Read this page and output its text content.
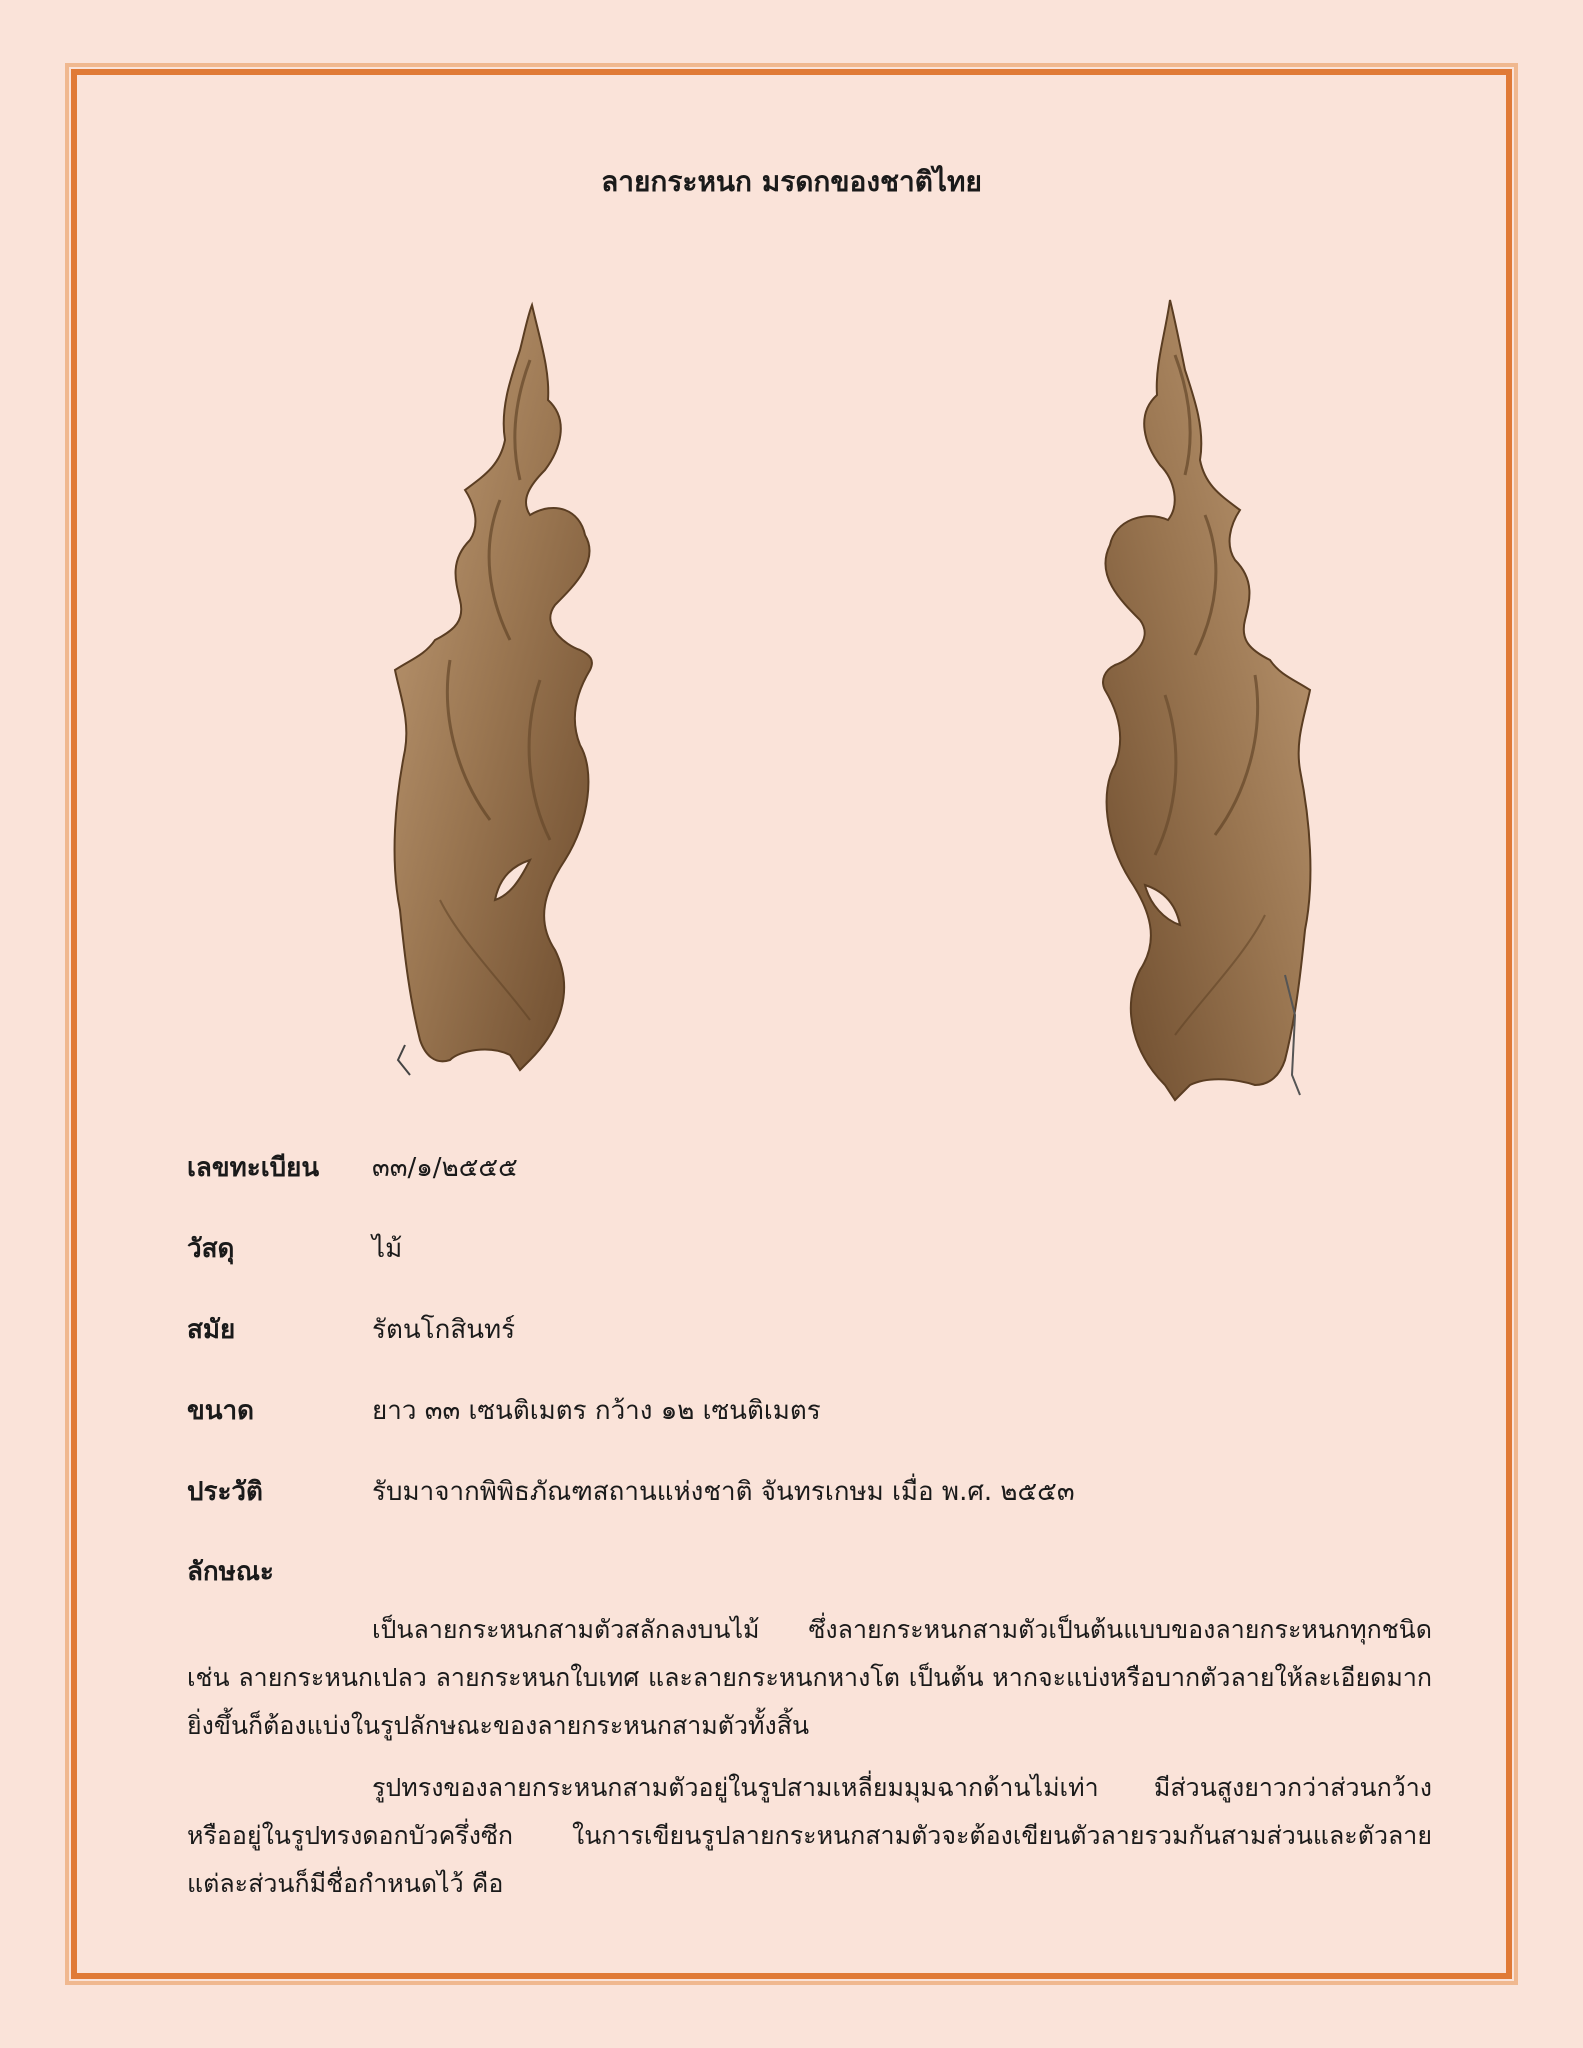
ลายกระหนก มรดกของชาติไทย
เลขทะเบียน ๓๓/๑/๒๕๕๕
วัสดุ	ไม้
สมัย	รัตนโกสินทร์
ขนาด	ยาว ๓๓ เซนติเมตร กว้าง ๑๒ เซนติเมตร
ประวัติ	รับมาจากพิพิธภัณฑสถานแห่งชาติ จันทรเกษม เมื่อ พ.ศ. ๒๕๕๓
ลักษณะ

เป็นลายกระหนกสามตัวสลักลงบนไม้ ซึ่งลายกระหนกสามตัวเป็นต้นแบบของลายกระหนกทุกชนิด เช่น ลายกระหนกเปลว ลายกระหนกใบเทศ และลายกระหนกหางโต เป็นต้น หากจะแบ่งหรือบากตัวลายให้ละเอียดมากยิ่งขึ้นก็ต้องแบ่งในรูปลักษณะของลายกระหนกสามตัวทั้งสิ้น

รูปทรงของลายกระหนกสามตัวอยู่ในรูปสามเหลี่ยมมุมฉากด้านไม่เท่า มีส่วนสูงยาวกว่าส่วนกว้าง หรืออยู่ในรูปทรงดอกบัวครึ่งซีก ในการเขียนรูปลายกระหนกสามตัวจะต้องเขียนตัวลายรวมกันสามส่วนและตัวลายแต่ละส่วนก็มีชื่อกำหนดไว้ คือ
